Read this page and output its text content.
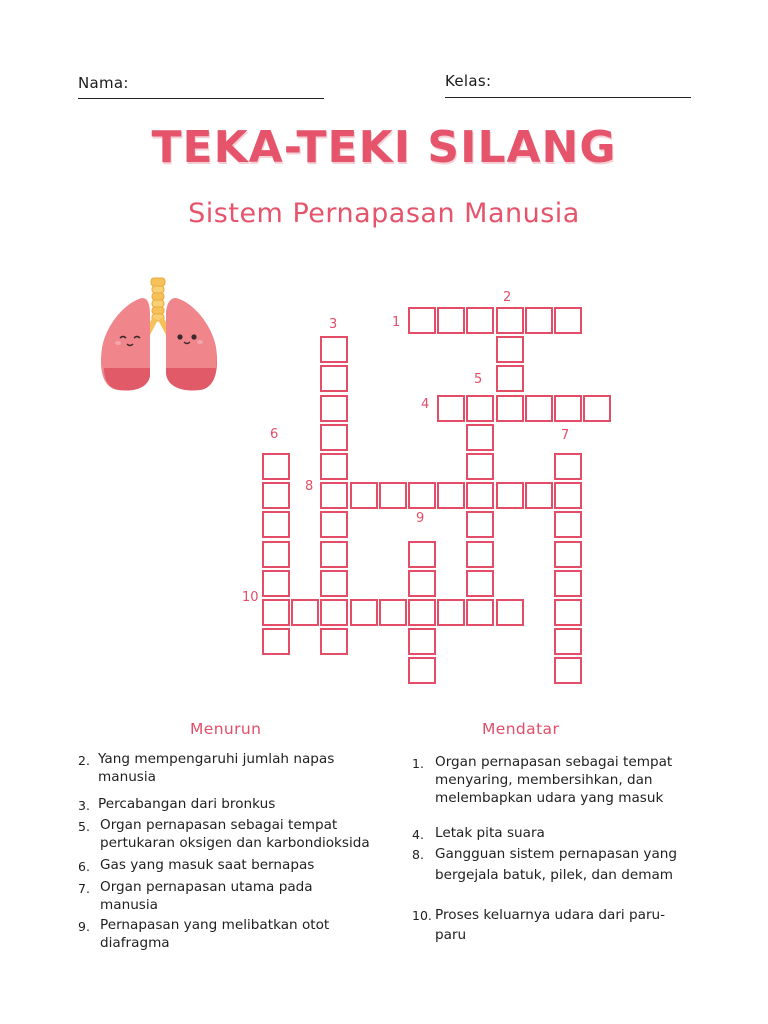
Nama:	Kelas:
TEKA-TEKI SILANG
Sistem Pernapasan Manusia
2
1
3
5
4
6	7
8
9
10
Menurun	Mendatar
2. Yang mempengaruhi jumlah napas manusia
3. Percabangan dari bronkus
5. Organ pernapasan sebagai tempat pertukaran oksigen dan karbondioksida
6. Gas yang masuk saat bernapas
7. Organ pernapasan utama pada manusia
9. Pernapasan yang melibatkan otot diafragma
1. Organ pernapasan sebagai tempat menyaring, membersihkan, dan melembapkan udara yang masuk
4. Letak pita suara
8. Gangguan sistem pernapasan yang bergejala batuk, pilek, dan demam
10. Proses keluarnya udara dari paru-paru
